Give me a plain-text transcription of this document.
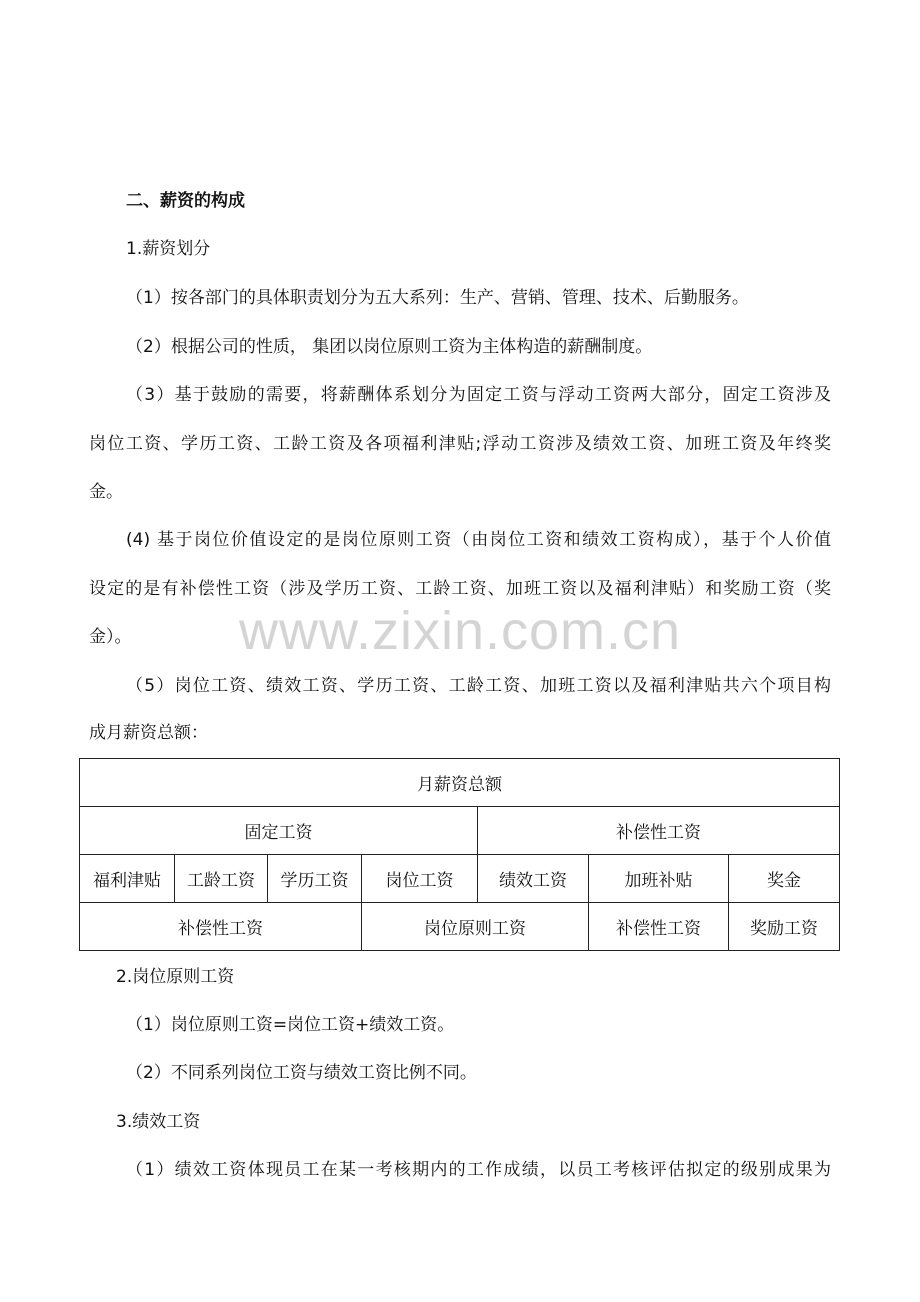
www.zixin.com.cn

二、薪资的构成

1.薪资划分

（1）按各部门的具体职责划分为五大系列：生产、营销、管理、技术、后勤服务。

（2）根据公司的性质， 集团以岗位原则工资为主体构造的薪酬制度。

（3）基于鼓励的需要，将薪酬体系划分为固定工资与浮动工资两大部分，固定工资涉及

岗位工资、学历工资、工龄工资及各项福利津贴;浮动工资涉及绩效工资、加班工资及年终奖

金。

(4) 基于岗位价值设定的是岗位原则工资（由岗位工资和绩效工资构成），基于个人价值

设定的是有补偿性工资（涉及学历工资、工龄工资、加班工资以及福利津贴）和奖励工资（奖

金）。

（5）岗位工资、绩效工资、学历工资、工龄工资、加班工资以及福利津贴共六个项目构

成月薪资总额：

月薪资总额						
固定工资				补偿性工资		
福利津贴	工龄工资	学历工资	岗位工资	绩效工资	加班补贴	奖金
补偿性工资			岗位原则工资		补偿性工资	奖励工资

2.岗位原则工资

（1）岗位原则工资=岗位工资+绩效工资。

（2）不同系列岗位工资与绩效工资比例不同。

3.绩效工资

（1）绩效工资体现员工在某一考核期内的工作成绩，以员工考核评估拟定的级别成果为
